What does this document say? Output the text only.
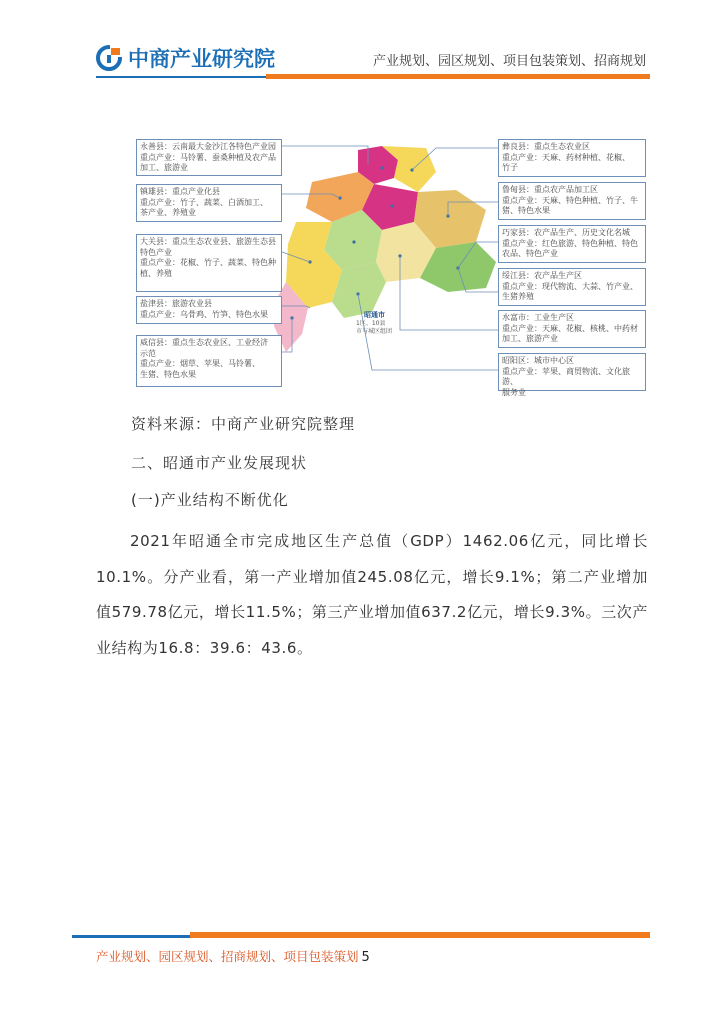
中商产业研究院	产业规划、园区规划、项目包装策划、招商规划
昭通市
1区、10县
市与城区组团
永善县：云南最大金沙江各特色产业园
重点产业：马铃薯、蚕桑种植及农产品
加工、旅游业
镇雄县：重点产业化县
重点产业：竹子、蔬菜、白酒加工、
茶产业、养殖业
大关县：重点生态农业县、旅游生态县
特色产业
重点产业：花椒、竹子、蔬菜、特色种
植、养殖
盐津县：旅游农业县
重点产业：乌骨鸡、竹笋、特色水果
威信县：重点生态农业区、工业经济
示范
重点产业：烟草、苹果、马铃薯、
生猪、特色水果
彝良县：重点生态农业区
重点产业：天麻、药材种植、花椒、
竹子
鲁甸县：重点农产品加工区
重点产业：天麻、特色种植、竹子、牛
猪、特色水果
巧家县：农产品生产、历史文化名城
重点产业：红色旅游、特色种植、特色
农品、特色产业
绥江县：农产品生产区
重点产业：现代物流、大蒜、竹产业、
生猪养殖
水富市：工业生产区
重点产业：天麻、花椒、核桃、中药材
加工、旅游产业
昭阳区：城市中心区
重点产业：苹果、商贸物流、文化旅游、
服务业
资料来源：中商产业研究院整理
二、昭通市产业发展现状
(一)产业结构不断优化
2021年昭通全市完成地区生产总值（GDP）1462.06亿元，同比增长10.1%。分产业看，第一产业增加值245.08亿元，增长9.1%；第二产业增加值579.78亿元，增长11.5%；第三产业增加值637.2亿元，增长9.3%。三次产业结构为16.8：39.6：43.6。
产业规划、园区规划、招商规划、项目包装策划 5
